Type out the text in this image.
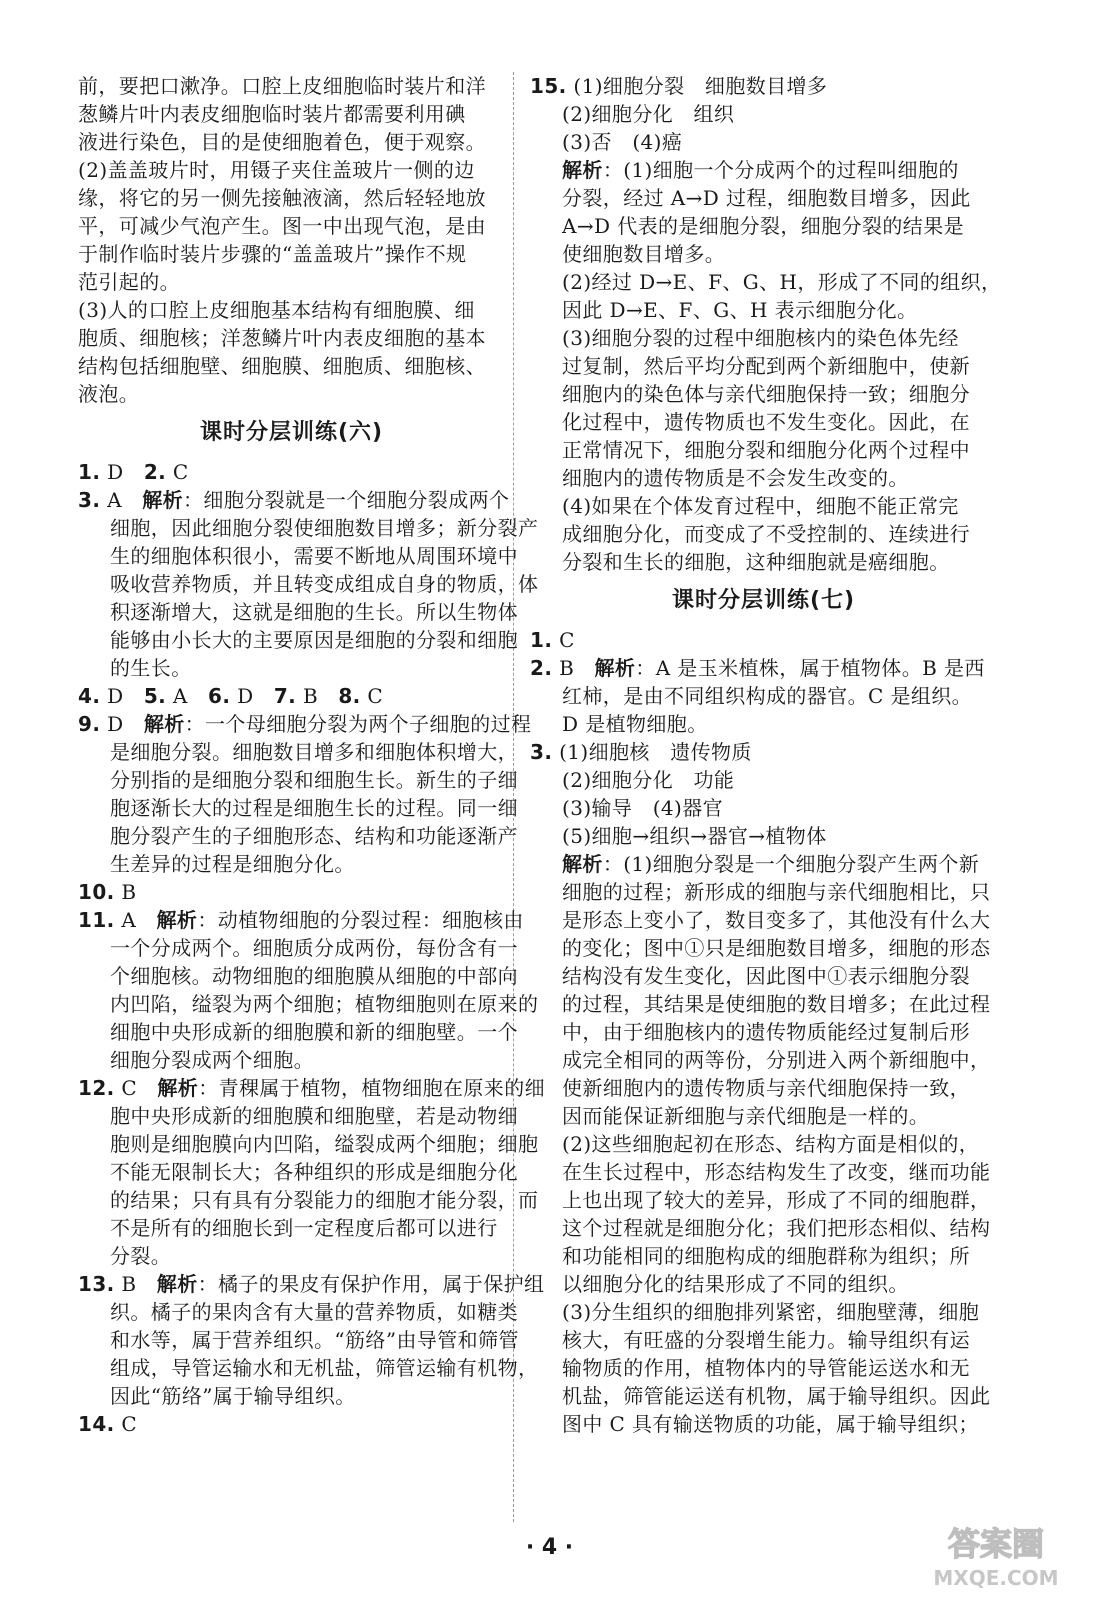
前，要把口漱净。口腔上皮细胞临时装片和洋
葱鳞片叶内表皮细胞临时装片都需要利用碘
液进行染色，目的是使细胞着色，便于观察。
(2)盖盖玻片时，用镊子夹住盖玻片一侧的边
缘，将它的另一侧先接触液滴，然后轻轻地放
平，可减少气泡产生。图一中出现气泡，是由
于制作临时装片步骤的“盖盖玻片”操作不规
范引起的。
(3)人的口腔上皮细胞基本结构有细胞膜、细
胞质、细胞核；洋葱鳞片叶内表皮细胞的基本
结构包括细胞壁、细胞膜、细胞质、细胞核、
液泡。
课时分层训练(六)
1. D 2. C
3. A 解析：细胞分裂就是一个细胞分裂成两个
细胞，因此细胞分裂使细胞数目增多；新分裂产
生的细胞体积很小，需要不断地从周围环境中
吸收营养物质，并且转变成组成自身的物质，体
积逐渐增大，这就是细胞的生长。所以生物体
能够由小长大的主要原因是细胞的分裂和细胞
的生长。
4. D 5. A 6. D 7. B 8. C
9. D 解析：一个母细胞分裂为两个子细胞的过程
是细胞分裂。细胞数目增多和细胞体积增大，
分别指的是细胞分裂和细胞生长。新生的子细
胞逐渐长大的过程是细胞生长的过程。同一细
胞分裂产生的子细胞形态、结构和功能逐渐产
生差异的过程是细胞分化。
10. B
11. A 解析：动植物细胞的分裂过程：细胞核由
一个分成两个。细胞质分成两份，每份含有一
个细胞核。动物细胞的细胞膜从细胞的中部向
内凹陷，缢裂为两个细胞；植物细胞则在原来的
细胞中央形成新的细胞膜和新的细胞壁。一个
细胞分裂成两个细胞。
12. C 解析：青稞属于植物，植物细胞在原来的细
胞中央形成新的细胞膜和细胞壁，若是动物细
胞则是细胞膜向内凹陷，缢裂成两个细胞；细胞
不能无限制长大；各种组织的形成是细胞分化
的结果；只有具有分裂能力的细胞才能分裂，而
不是所有的细胞长到一定程度后都可以进行
分裂。
13. B 解析：橘子的果皮有保护作用，属于保护组
织。橘子的果肉含有大量的营养物质，如糖类
和水等，属于营养组织。“筋络”由导管和筛管
组成，导管运输水和无机盐，筛管运输有机物，
因此“筋络”属于输导组织。
14. C
15. (1)细胞分裂　细胞数目增多
(2)细胞分化　组织
(3)否　(4)癌
解析：(1)细胞一个分成两个的过程叫细胞的
分裂，经过 A→D 过程，细胞数目增多，因此
A→D 代表的是细胞分裂，细胞分裂的结果是
使细胞数目增多。
(2)经过 D→E、F、G、H，形成了不同的组织，
因此 D→E、F、G、H 表示细胞分化。
(3)细胞分裂的过程中细胞核内的染色体先经
过复制，然后平均分配到两个新细胞中，使新
细胞内的染色体与亲代细胞保持一致；细胞分
化过程中，遗传物质也不发生变化。因此，在
正常情况下，细胞分裂和细胞分化两个过程中
细胞内的遗传物质是不会发生改变的。
(4)如果在个体发育过程中，细胞不能正常完
成细胞分化，而变成了不受控制的、连续进行
分裂和生长的细胞，这种细胞就是癌细胞。
课时分层训练(七)
1. C
2. B 解析：A 是玉米植株，属于植物体。B 是西
红柿，是由不同组织构成的器官。C 是组织。
D 是植物细胞。
3. (1)细胞核　遗传物质
(2)细胞分化　功能
(3)输导　(4)器官
(5)细胞→组织→器官→植物体
解析：(1)细胞分裂是一个细胞分裂产生两个新
细胞的过程；新形成的细胞与亲代细胞相比，只
是形态上变小了，数目变多了，其他没有什么大
的变化；图中①只是细胞数目增多，细胞的形态
结构没有发生变化，因此图中①表示细胞分裂
的过程，其结果是使细胞的数目增多；在此过程
中，由于细胞核内的遗传物质能经过复制后形
成完全相同的两等份，分别进入两个新细胞中，
使新细胞内的遗传物质与亲代细胞保持一致，
因而能保证新细胞与亲代细胞是一样的。
(2)这些细胞起初在形态、结构方面是相似的，
在生长过程中，形态结构发生了改变，继而功能
上也出现了较大的差异，形成了不同的细胞群，
这个过程就是细胞分化；我们把形态相似、结构
和功能相同的细胞构成的细胞群称为组织；所
以细胞分化的结果形成了不同的组织。
(3)分生组织的细胞排列紧密，细胞壁薄，细胞
核大，有旺盛的分裂增生能力。输导组织有运
输物质的作用，植物体内的导管能运送水和无
机盐，筛管能运送有机物，属于输导组织。因此
图中 C 具有输送物质的功能，属于输导组织；
· 4 ·	答案圈
MXQE.COM
